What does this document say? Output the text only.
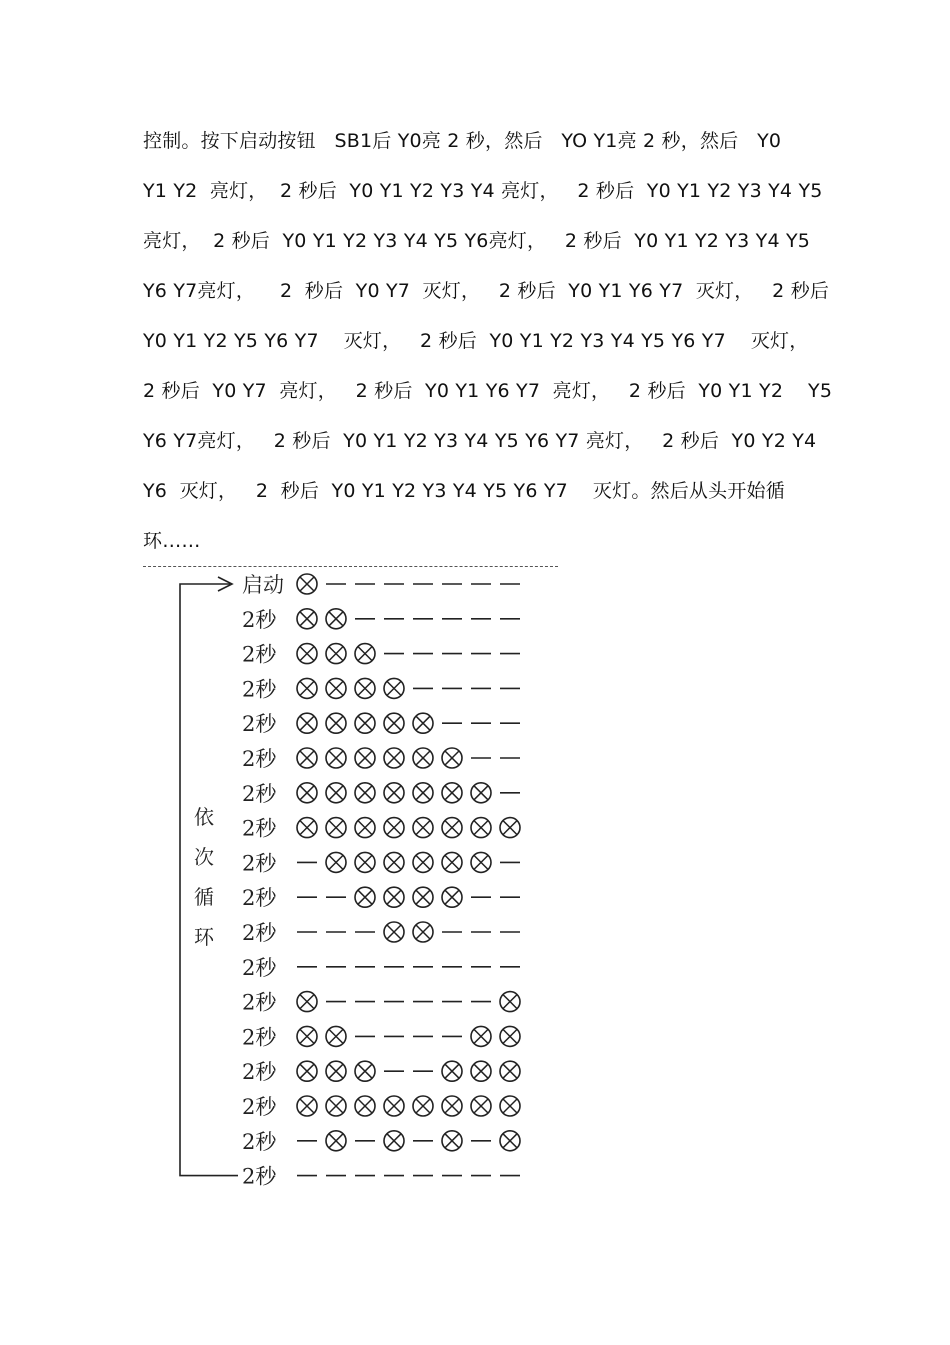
控制。按下启动按钮   SB1后 Y0亮 2 秒，然后   YO Y1亮 2 秒，然后   Y0
Y1 Y2  亮灯，  2 秒后  Y0 Y1 Y2 Y3 Y4 亮灯，   2 秒后  Y0 Y1 Y2 Y3 Y4 Y5
亮灯，  2 秒后  Y0 Y1 Y2 Y3 Y4 Y5 Y6亮灯，   2 秒后  Y0 Y1 Y2 Y3 Y4 Y5
Y6 Y7亮灯，    2  秒后  Y0 Y7  灭灯，   2 秒后  Y0 Y1 Y6 Y7  灭灯，   2 秒后
Y0 Y1 Y2 Y5 Y6 Y7    灭灯，   2 秒后  Y0 Y1 Y2 Y3 Y4 Y5 Y6 Y7    灭灯，
2 秒后  Y0 Y7  亮灯，   2 秒后  Y0 Y1 Y6 Y7  亮灯，   2 秒后  Y0 Y1 Y2    Y5
Y6 Y7亮灯，   2 秒后  Y0 Y1 Y2 Y3 Y4 Y5 Y6 Y7 亮灯，   2 秒后  Y0 Y2 Y4
Y6  灭灯，   2  秒后  Y0 Y1 Y2 Y3 Y4 Y5 Y6 Y7    灭灯。然后从头开始循
环……
依
次
循
环
启动
2秒
2秒
2秒
2秒
2秒
2秒
2秒
2秒
2秒
2秒
2秒
2秒
2秒
2秒
2秒
2秒
2秒
